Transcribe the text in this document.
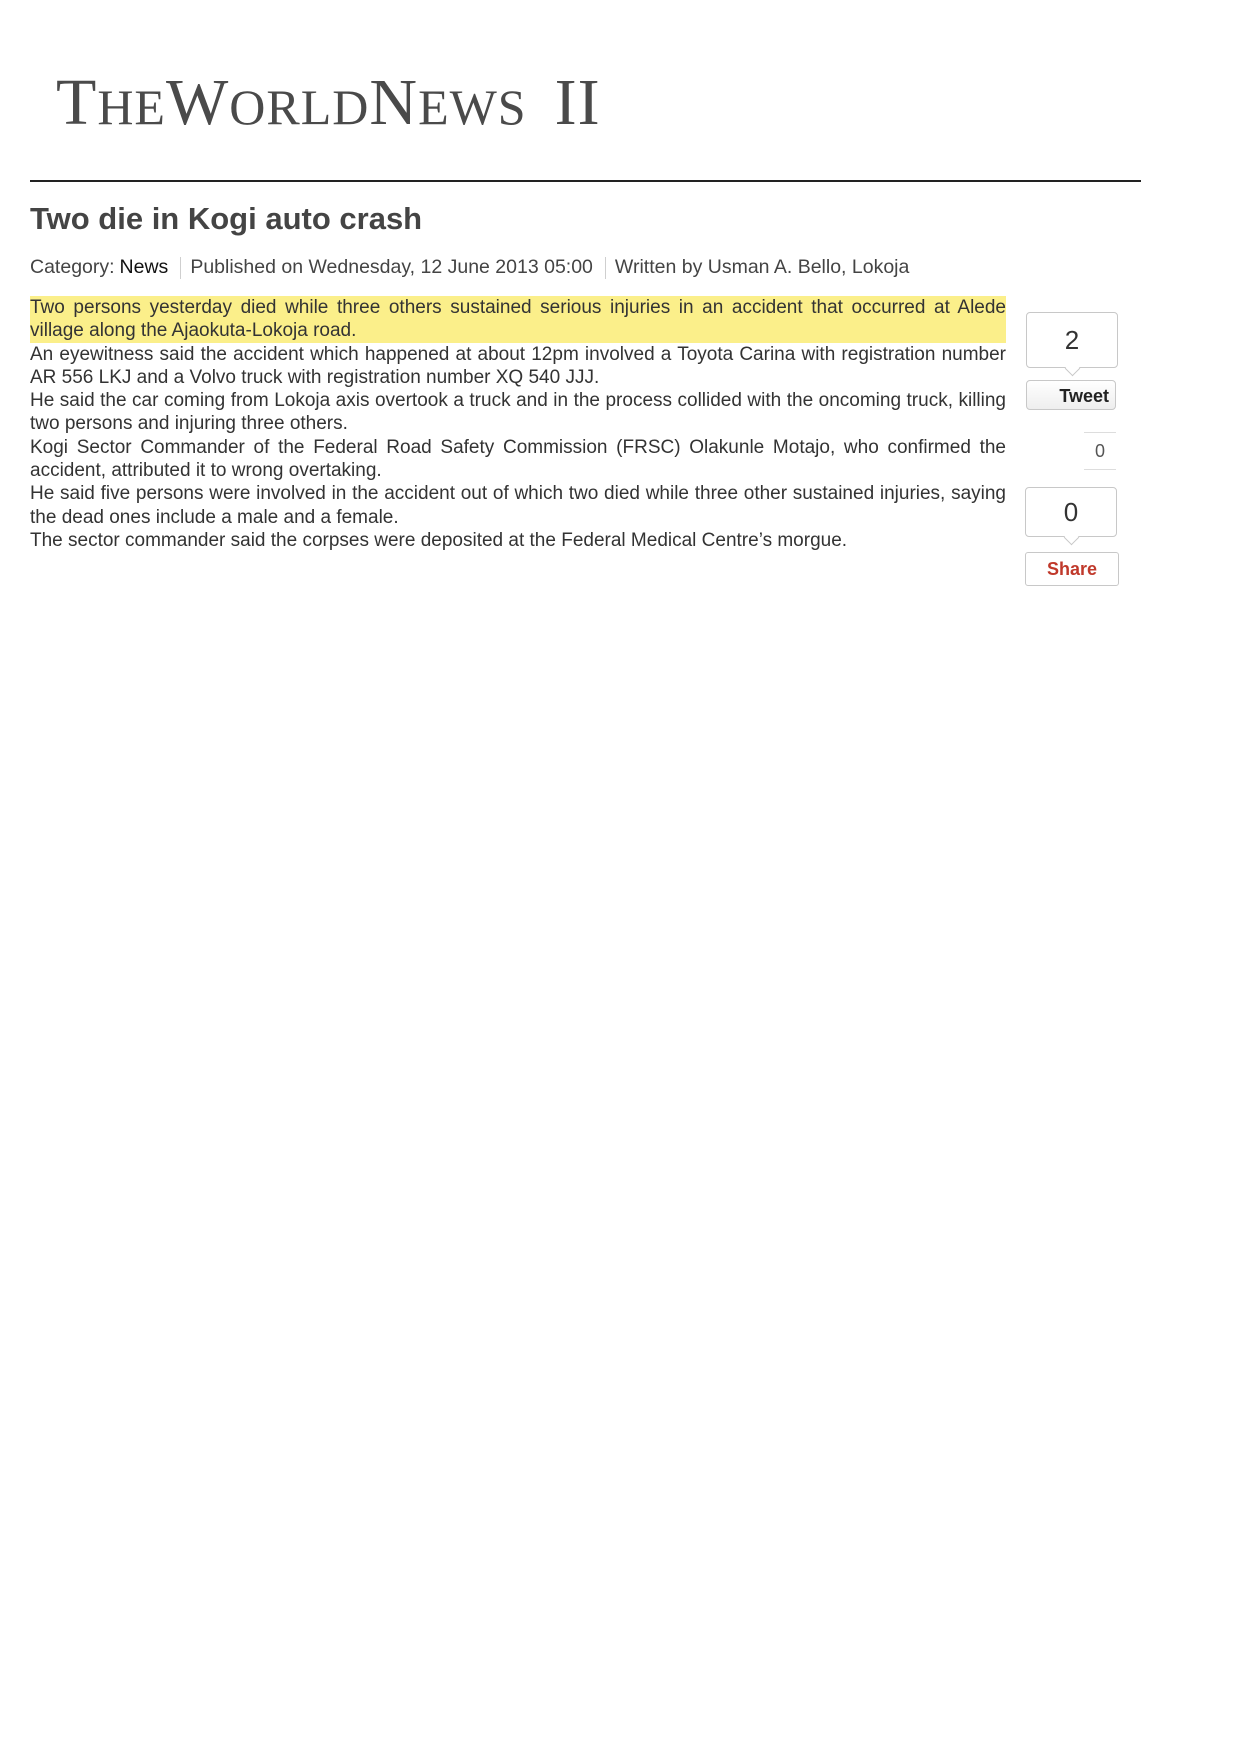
THEWORLDNEWS II
Two die in Kogi auto crash
Category: News Published on Wednesday, 12 June 2013 05:00 Written by Usman A. Bello, Lokoja

Two persons yesterday died while three others sustained serious injuries in an accident that occurred at Alede village along the Ajaokuta-Lokoja road.

An eyewitness said the accident which happened at about 12pm involved a Toyota Carina with registration number AR 556 LKJ and a Volvo truck with registration number XQ 540 JJJ.

He said the car coming from Lokoja axis overtook a truck and in the process collided with the oncoming truck, killing two persons and injuring three others.

Kogi Sector Commander of the Federal Road Safety Commission (FRSC) Olakunle Motajo, who confirmed the accident, attributed it to wrong overtaking.

He said five persons were involved in the accident out of which two died while three other sustained injuries, saying the dead ones include a male and a female.

The sector commander said the corpses were deposited at the Federal Medical Centre’s morgue.

2
Tweet
0
0
Share
